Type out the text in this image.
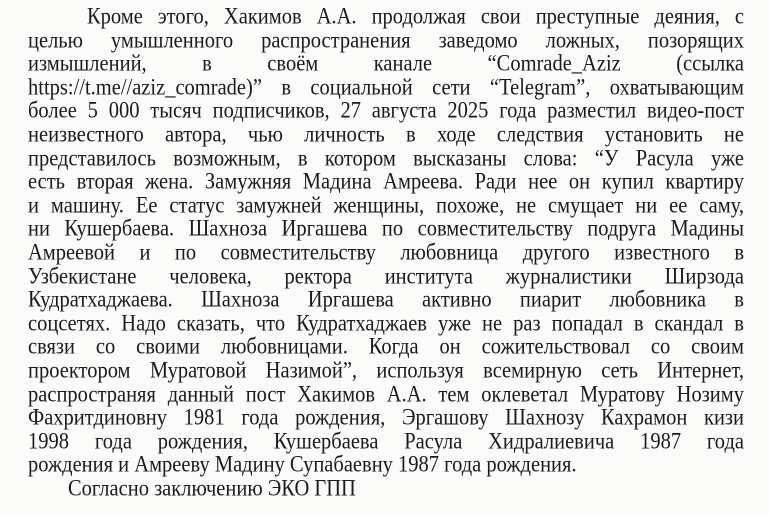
Кроме этого, Хакимов А.А. продолжая свои преступные деяния, с
целью умышленного распространения заведомо ложных, позорящих
измышлений, в своём канале “Comrade_Aziz (ссылка
https://t.me//aziz_comrade)” в социальной сети “Telegram”, охватывающим
более 5 000 тысяч подписчиков, 27 августа 2025 года разместил видео-пост
неизвестного автора, чью личность в ходе следствия установить не
представилось возможным, в котором высказаны слова: “У Расула уже
есть вторая жена. Замужняя Мадина Амреева. Ради нее он купил квартиру
и машину. Ее статус замужней женщины, похоже, не смущает ни ее саму,
ни Кушербаева. Шахноза Иргашева по совместительству подруга Мадины
Амреевой и по совместительству любовница другого известного в
Узбекистане человека, ректора института журналистики Ширзода
Кудратхаджаева. Шахноза Иргашева активно пиарит любовника в
соцсетях. Надо сказать, что Кудратхаджаев уже не раз попадал в скандал в
связи со своими любовницами. Когда он сожительствовал со своим
проектором Муратовой Назимой”, используя всемирную сеть Интернет,
распространяя данный пост Хакимов А.А. тем оклеветал Муратову Нозиму
Фахритдиновну 1981 года рождения, Эргашову Шахнозу Кахрамон кизи
1998 года рождения, Кушербаева Расула Хидралиевича 1987 года
рождения и Амрееву Мадину Супабаевну 1987 года рождения.
Согласно заключению ЭКО ГПП
